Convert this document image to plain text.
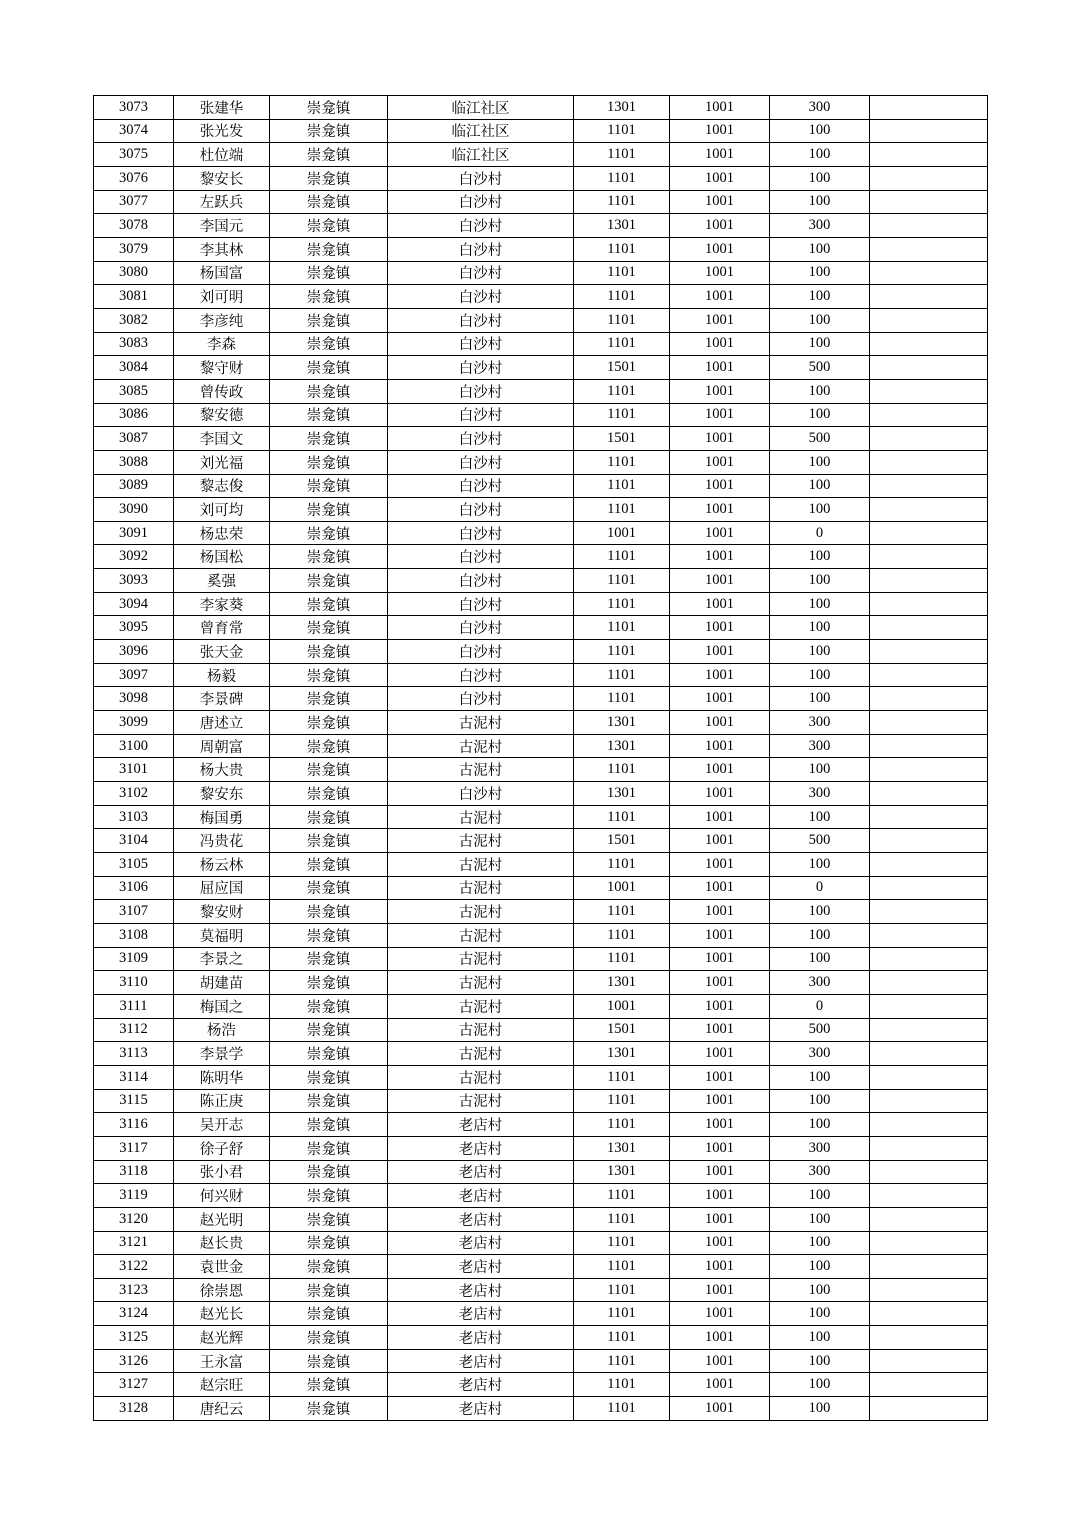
3073	张建华	崇龛镇	临江社区	1301	1001	300	
3074	张光发	崇龛镇	临江社区	1101	1001	100	
3075	杜位端	崇龛镇	临江社区	1101	1001	100	
3076	黎安长	崇龛镇	白沙村	1101	1001	100	
3077	左跃兵	崇龛镇	白沙村	1101	1001	100	
3078	李国元	崇龛镇	白沙村	1301	1001	300	
3079	李其林	崇龛镇	白沙村	1101	1001	100	
3080	杨国富	崇龛镇	白沙村	1101	1001	100	
3081	刘可明	崇龛镇	白沙村	1101	1001	100	
3082	李彦纯	崇龛镇	白沙村	1101	1001	100	
3083	李森	崇龛镇	白沙村	1101	1001	100	
3084	黎守财	崇龛镇	白沙村	1501	1001	500	
3085	曾传政	崇龛镇	白沙村	1101	1001	100	
3086	黎安德	崇龛镇	白沙村	1101	1001	100	
3087	李国文	崇龛镇	白沙村	1501	1001	500	
3088	刘光福	崇龛镇	白沙村	1101	1001	100	
3089	黎志俊	崇龛镇	白沙村	1101	1001	100	
3090	刘可均	崇龛镇	白沙村	1101	1001	100	
3091	杨忠荣	崇龛镇	白沙村	1001	1001	0	
3092	杨国松	崇龛镇	白沙村	1101	1001	100	
3093	奚强	崇龛镇	白沙村	1101	1001	100	
3094	李家葵	崇龛镇	白沙村	1101	1001	100	
3095	曾育常	崇龛镇	白沙村	1101	1001	100	
3096	张天金	崇龛镇	白沙村	1101	1001	100	
3097	杨毅	崇龛镇	白沙村	1101	1001	100	
3098	李景碑	崇龛镇	白沙村	1101	1001	100	
3099	唐述立	崇龛镇	古泥村	1301	1001	300	
3100	周朝富	崇龛镇	古泥村	1301	1001	300	
3101	杨大贵	崇龛镇	古泥村	1101	1001	100	
3102	黎安东	崇龛镇	白沙村	1301	1001	300	
3103	梅国勇	崇龛镇	古泥村	1101	1001	100	
3104	冯贵花	崇龛镇	古泥村	1501	1001	500	
3105	杨云林	崇龛镇	古泥村	1101	1001	100	
3106	屈应国	崇龛镇	古泥村	1001	1001	0	
3107	黎安财	崇龛镇	古泥村	1101	1001	100	
3108	莫福明	崇龛镇	古泥村	1101	1001	100	
3109	李景之	崇龛镇	古泥村	1101	1001	100	
3110	胡建苗	崇龛镇	古泥村	1301	1001	300	
3111	梅国之	崇龛镇	古泥村	1001	1001	0	
3112	杨浩	崇龛镇	古泥村	1501	1001	500	
3113	李景学	崇龛镇	古泥村	1301	1001	300	
3114	陈明华	崇龛镇	古泥村	1101	1001	100	
3115	陈正庚	崇龛镇	古泥村	1101	1001	100	
3116	吴开志	崇龛镇	老店村	1101	1001	100	
3117	徐子舒	崇龛镇	老店村	1301	1001	300	
3118	张小君	崇龛镇	老店村	1301	1001	300	
3119	何兴财	崇龛镇	老店村	1101	1001	100	
3120	赵光明	崇龛镇	老店村	1101	1001	100	
3121	赵长贵	崇龛镇	老店村	1101	1001	100	
3122	袁世金	崇龛镇	老店村	1101	1001	100	
3123	徐崇恩	崇龛镇	老店村	1101	1001	100	
3124	赵光长	崇龛镇	老店村	1101	1001	100	
3125	赵光辉	崇龛镇	老店村	1101	1001	100	
3126	王永富	崇龛镇	老店村	1101	1001	100	
3127	赵宗旺	崇龛镇	老店村	1101	1001	100	
3128	唐纪云	崇龛镇	老店村	1101	1001	100	
